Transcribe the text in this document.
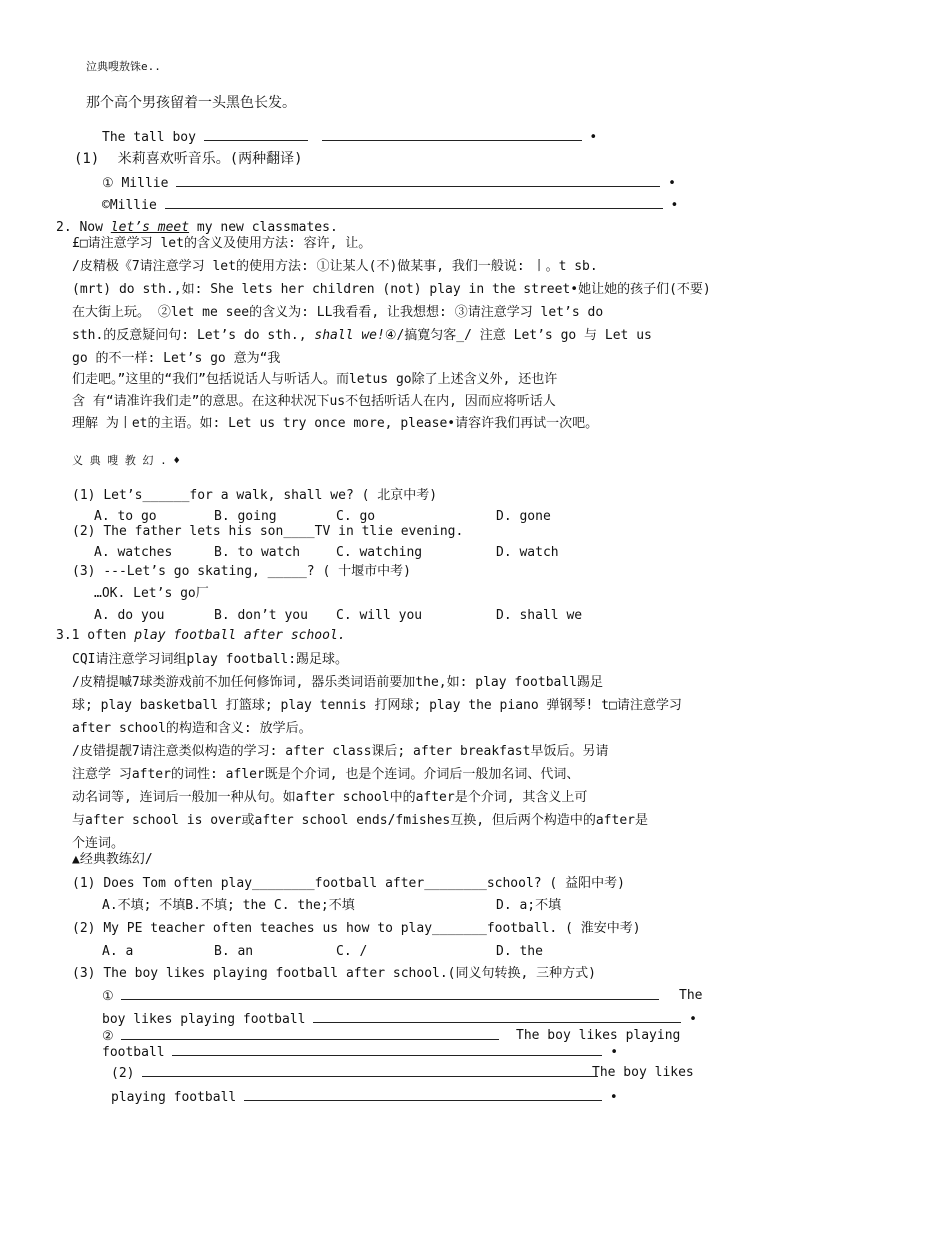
泣典嗖敖铢e..
那个高个男孩留着一头黑色长发。
The tall boy	•
(1) 米莉喜欢听音乐。(两种翻译)
① Millie	•
©Millie	•
2. Now let’s meet my new classmates.
£□请注意学习 let的含义及使用方法: 容许, 让。
/皮精极《7请注意学习 let的使用方法: ①让某人(不)做某事, 我们一般说: 丨。t sb.
(mrt) do sth.,如: She lets her children (not) play in the street•她让她的孩子们(不要)
在大街上玩。 ②let me see的含义为: LL我看看, 让我想想: ③请注意学习 let’s do
sth.的反意疑问句: Let’s do sth., shall we!④/搞寛匀客_/ 注意 Let’s go 与 Let us
go 的不一样: Let’s go 意为“我
们走吧。”这里的“我们”包括说话人与听话人。而letus go除了上述含义外, 还也许
含 有“请准许我们走”的意思。在这种状况下us不包括听话人在内, 因而应将听话人
理解 为丨et的主语。如: Let us try once more, please•请容许我们再试一次吧。
义 典 嗖 教 幻 . ♦
(1) Let’s______for a walk, shall we? ( 北京中考)
A. to go	B. going	C. go	D. gone
(2) The father lets his son____TV in tlie evening.
A. watches	B. to watch	C. watching	D. watch
(3) ---Let’s go skating, _____? ( 十堰市中考)
…OK. Let’s go厂
A. do you	B. don’t you C. will you	D. shall we
3.1 often play football after school.
CQI请注意学习词组play football:踢足球。
/皮精提嘁7球类游戏前不加任何修饰词, 器乐类词语前要加the,如: play football踢足
球; play basketball 打篮球; play tennis 打网球; play the piano 弹钢琴! t□请注意学习
after school的构造和含义: 放学后。
/皮错提靓7请注意类似构造的学习: after class课后; after breakfast早饭后。另请
注意学 习after的词性: afler既是个介词, 也是个连词。介词后一般加名词、代词、
动名词等, 连词后一般加一种从句。如after school中的after是个介词, 其含义上可
与after school is over或after school ends/fmishes互换, 但后两个构造中的after是
个连词。
▲经典教练幻/
(1) Does Tom often play________football after________school? ( 益阳中考)
A.不填; 不填B.不填; the C. the;不填	D. a;不填
(2) My PE teacher often teaches us how to play_______football. ( 淮安中考)
A. a	B. an	C. /	D. the
(3) The boy likes playing football after school.(同义句转换, 三种方式)
①	The
boy likes playing football	•
②	The boy likes playing
football	•
(2)	The boy likes
playing football	•
